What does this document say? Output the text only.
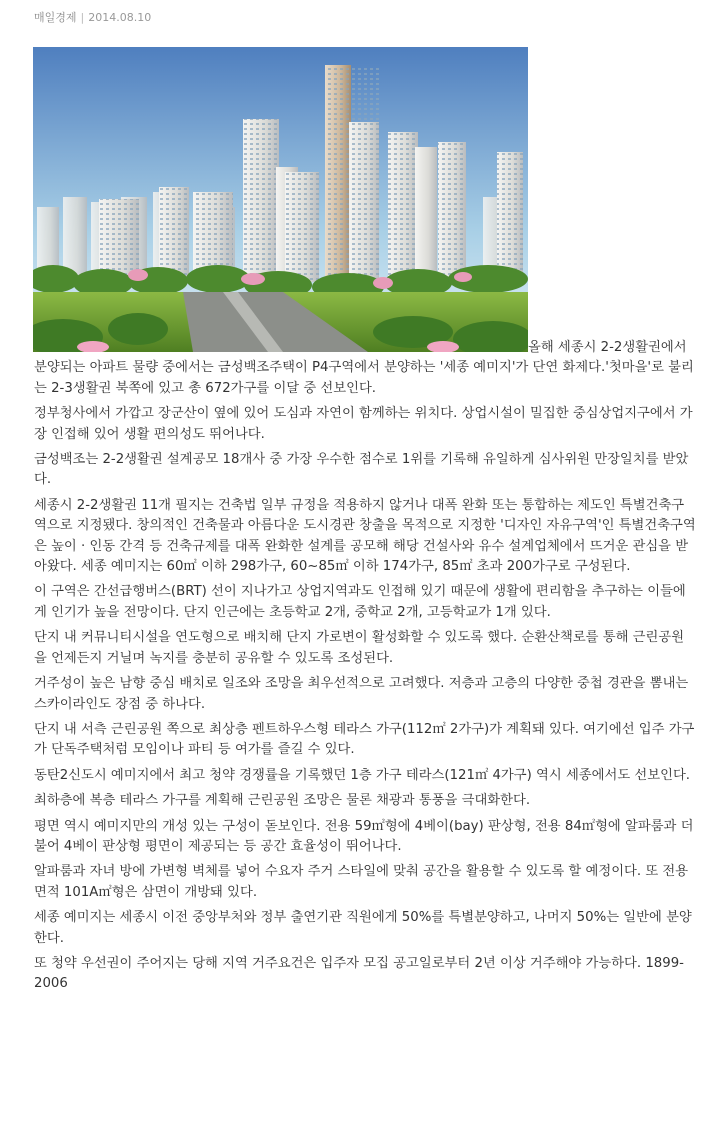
매일경제 | 2014.08.10

올해 세종시 2-2생활권에서 분양되는 아파트 물량 중에서는 금성백조주택이 P4구역에서 분양하는 '세종 예미지'가 단연 화제다.'첫마을'로 불리는 2-3생활권 북쪽에 있고 총 672가구를 이달 중 선보인다.

정부청사에서 가깝고 장군산이 옆에 있어 도심과 자연이 함께하는 위치다. 상업시설이 밀집한 중심상업지구에서 가장 인접해 있어 생활 편의성도 뛰어나다.

금성백조는 2-2생활권 설계공모 18개사 중 가장 우수한 점수로 1위를 기록해 유일하게 심사위원 만장일치를 받았다.

세종시 2-2생활권 11개 필지는 건축법 일부 규정을 적용하지 않거나 대폭 완화 또는 통합하는 제도인 특별건축구역으로 지정됐다. 창의적인 건축물과 아름다운 도시경관 창출을 목적으로 지정한 '디자인 자유구역'인 특별건축구역은 높이 · 인동 간격 등 건축규제를 대폭 완화한 설계를 공모해 해당 건설사와 유수 설계업체에서 뜨거운 관심을 받아왔다. 세종 예미지는 60㎡ 이하 298가구, 60~85㎡ 이하 174가구, 85㎡ 초과 200가구로 구성된다.

이 구역은 간선급행버스(BRT) 선이 지나가고 상업지역과도 인접해 있기 때문에 생활에 편리함을 추구하는 이들에게 인기가 높을 전망이다. 단지 인근에는 초등학교 2개, 중학교 2개, 고등학교가 1개 있다.

단지 내 커뮤니티시설을 연도형으로 배치해 단지 가로변이 활성화할 수 있도록 했다. 순환산책로를 통해 근린공원을 언제든지 거닐며 녹지를 충분히 공유할 수 있도록 조성된다.

거주성이 높은 남향 중심 배치로 일조와 조망을 최우선적으로 고려했다. 저층과 고층의 다양한 중첩 경관을 뽐내는 스카이라인도 장점 중 하나다.

단지 내 서측 근린공원 쪽으로 최상층 펜트하우스형 테라스 가구(112㎡ 2가구)가 계획돼 있다. 여기에선 입주 가구가 단독주택처럼 모임이나 파티 등 여가를 즐길 수 있다.

동탄2신도시 예미지에서 최고 청약 경쟁률을 기록했던 1층 가구 테라스(121㎡ 4가구) 역시 세종에서도 선보인다.

최하층에 복층 테라스 가구를 계획해 근린공원 조망은 물론 채광과 통풍을 극대화한다.

평면 역시 예미지만의 개성 있는 구성이 돋보인다. 전용 59㎡형에 4베이(bay) 판상형, 전용 84㎡형에 알파룸과 더불어 4베이 판상형 평면이 제공되는 등 공간 효율성이 뛰어나다.

알파룸과 자녀 방에 가변형 벽체를 넣어 수요자 주거 스타일에 맞춰 공간을 활용할 수 있도록 할 예정이다. 또 전용면적 101A㎡형은 삼면이 개방돼 있다.

세종 예미지는 세종시 이전 중앙부처와 정부 출연기관 직원에게 50%를 특별분양하고, 나머지 50%는 일반에 분양한다.

또 청약 우선권이 주어지는 당해 지역 거주요건은 입주자 모집 공고일로부터 2년 이상 거주해야 가능하다. 1899-2006
